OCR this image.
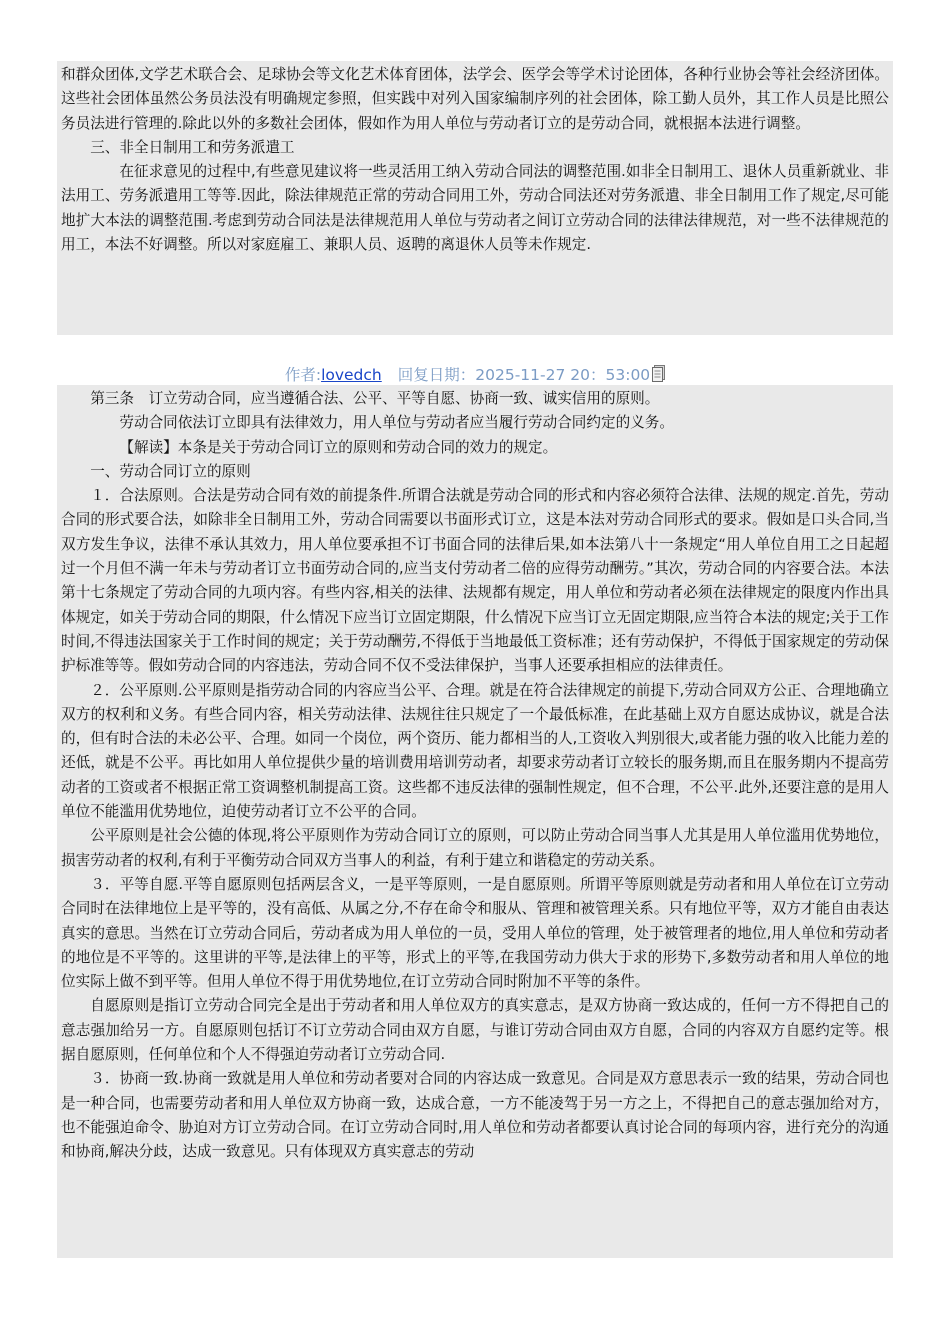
和群众团体,文学艺术联合会、足球协会等文化艺术体育团体，法学会、医学会等学术讨论团体，各种行业协会等社会经济团体。这些社会团体虽然公务员法没有明确规定参照，但实践中对列入国家编制序列的社会团体，除工勤人员外，其工作人员是比照公务员法进行管理的.除此以外的多数社会团体，假如作为用人单位与劳动者订立的是劳动合同，就根据本法进行调整。

三、非全日制用工和劳务派遣工

在征求意见的过程中,有些意见建议将一些灵活用工纳入劳动合同法的调整范围.如非全日制用工、退休人员重新就业、非法用工、劳务派遣用工等等.因此，除法律规范正常的劳动合同用工外，劳动合同法还对劳务派遣、非全日制用工作了规定,尽可能地扩大本法的调整范围.考虑到劳动合同法是法律规范用人单位与劳动者之间订立劳动合同的法律法律规范，对一些不法律规范的用工，本法不好调整。所以对家庭雇工、兼职人员、返聘的离退休人员等未作规定.

作者:lovedch 回复日期：2025-11-27 20：53:00

第三条　订立劳动合同，应当遵循合法、公平、平等自愿、协商一致、诚实信用的原则。

劳动合同依法订立即具有法律效力，用人单位与劳动者应当履行劳动合同约定的义务。

【解读】本条是关于劳动合同订立的原则和劳动合同的效力的规定。

一、劳动合同订立的原则

１．合法原则。合法是劳动合同有效的前提条件.所谓合法就是劳动合同的形式和内容必须符合法律、法规的规定.首先，劳动合同的形式要合法，如除非全日制用工外，劳动合同需要以书面形式订立，这是本法对劳动合同形式的要求。假如是口头合同,当双方发生争议，法律不承认其效力，用人单位要承担不订书面合同的法律后果,如本法第八十一条规定“用人单位自用工之日起超过一个月但不满一年未与劳动者订立书面劳动合同的,应当支付劳动者二倍的应得劳动酬劳。”其次，劳动合同的内容要合法。本法第十七条规定了劳动合同的九项内容。有些内容,相关的法律、法规都有规定，用人单位和劳动者必须在法律规定的限度内作出具体规定，如关于劳动合同的期限，什么情况下应当订立固定期限，什么情况下应当订立无固定期限,应当符合本法的规定;关于工作时间,不得违法国家关于工作时间的规定；关于劳动酬劳,不得低于当地最低工资标准；还有劳动保护，不得低于国家规定的劳动保护标准等等。假如劳动合同的内容违法，劳动合同不仅不受法律保护，当事人还要承担相应的法律责任。

２．公平原则.公平原则是指劳动合同的内容应当公平、合理。就是在符合法律规定的前提下,劳动合同双方公正、合理地确立双方的权利和义务。有些合同内容，相关劳动法律、法规往往只规定了一个最低标准，在此基础上双方自愿达成协议，就是合法的，但有时合法的未必公平、合理。如同一个岗位，两个资历、能力都相当的人,工资收入判别很大,或者能力强的收入比能力差的还低，就是不公平。再比如用人单位提供少量的培训费用培训劳动者，却要求劳动者订立较长的服务期,而且在服务期内不提高劳动者的工资或者不根据正常工资调整机制提高工资。这些都不违反法律的强制性规定，但不合理，不公平.此外,还要注意的是用人单位不能滥用优势地位，迫使劳动者订立不公平的合同。

公平原则是社会公德的体现,将公平原则作为劳动合同订立的原则，可以防止劳动合同当事人尤其是用人单位滥用优势地位，损害劳动者的权利,有利于平衡劳动合同双方当事人的利益，有利于建立和谐稳定的劳动关系。

３．平等自愿.平等自愿原则包括两层含义，一是平等原则，一是自愿原则。所谓平等原则就是劳动者和用人单位在订立劳动合同时在法律地位上是平等的，没有高低、从属之分,不存在命令和服从、管理和被管理关系。只有地位平等，双方才能自由表达真实的意思。当然在订立劳动合同后，劳动者成为用人单位的一员，受用人单位的管理，处于被管理者的地位,用人单位和劳动者的地位是不平等的。这里讲的平等,是法律上的平等，形式上的平等,在我国劳动力供大于求的形势下,多数劳动者和用人单位的地位实际上做不到平等。但用人单位不得于用优势地位,在订立劳动合同时附加不平等的条件。

自愿原则是指订立劳动合同完全是出于劳动者和用人单位双方的真实意志，是双方协商一致达成的，任何一方不得把自己的意志强加给另一方。自愿原则包括订不订立劳动合同由双方自愿，与谁订劳动合同由双方自愿，合同的内容双方自愿约定等。根据自愿原则，任何单位和个人不得强迫劳动者订立劳动合同.

３．协商一致.协商一致就是用人单位和劳动者要对合同的内容达成一致意见。合同是双方意思表示一致的结果，劳动合同也是一种合同，也需要劳动者和用人单位双方协商一致，达成合意，一方不能凌驾于另一方之上，不得把自己的意志强加给对方，也不能强迫命令、胁迫对方订立劳动合同。在订立劳动合同时,用人单位和劳动者都要认真讨论合同的每项内容，进行充分的沟通和协商,解决分歧，达成一致意见。只有体现双方真实意志的劳动
